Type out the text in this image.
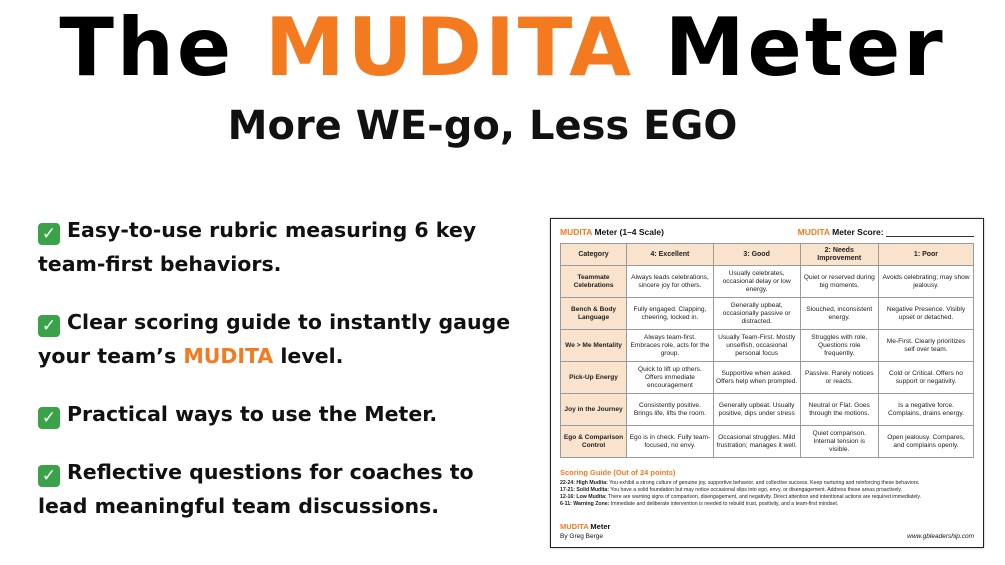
The MUDITA Meter
More WE-go, Less EGO
✓ Easy-to-use rubric measuring 6 key team-first behaviors.
✓ Clear scoring guide to instantly gauge your team’s MUDITA level.
✓ Practical ways to use the Meter.
✓ Reflective questions for coaches to lead meaningful team discussions.
MUDITA Meter (1–4 Scale)	MUDITA Meter Score:
Category	4: Excellent	3: Good	2: Needs Improvement	1: Poor
Teammate Celebrations	Always leads celebrations, sincere joy for others.	Usually celebrates, occasional delay or low energy.	Quiet or reserved during big moments.	Avoids celebrating; may show jealousy.
Bench & Body Language	Fully engaged. Clapping, cheering, locked in.	Generally upbeat, occasionally passive or distracted.	Slouched, inconsistent energy.	Negative Presence. Visibly upset or detached.
We > Me Mentality	Always team-first. Embraces role, acts for the group.	Usually Team-First. Mostly unselfish, occasional personal focus	Struggles with role. Questions role frequently.	Me-First. Clearly prioritizes self over team.
Pick-Up Energy	Quick to lift up others. Offers immediate encouragement	Supportive when asked. Offers help when prompted.	Passive. Rarely notices or reacts.	Cold or Critical. Offers no support or negativity.
Joy in the Journey	Consistently positive. Brings life, lifts the room.	Generally upbeat. Usually positive, dips under stress	Neutral or Flat. Goes through the motions.	Is a negative force. Complains, drains energy.
Ego & Comparison Control	Ego is in check. Fully team-focused, no envy.	Occasional struggles. Mild frustration; manages it well.	Quiet comparison. Internal tension is visible.	Open jealousy. Compares, and complains openly.
Scoring Guide (Out of 24 points)
22-24: High Mudita: You exhibit a strong culture of genuine joy, supportive behavior, and collective success. Keep nurturing and reinforcing these behaviors.
17-21: Solid Mudita: You have a solid foundation but may notice occasional slips into ego, envy, or disengagement. Address these areas proactively.
12-16: Low Mudita: There are warning signs of comparison, disengagement, and negativity. Direct attention and intentional actions are required immediately.
6-11: Warning Zone: Immediate and deliberate intervention is needed to rebuild trust, positivity, and a team-first mindset.
MUDITA Meter
By Greg Berge	www.gbleadership.com
